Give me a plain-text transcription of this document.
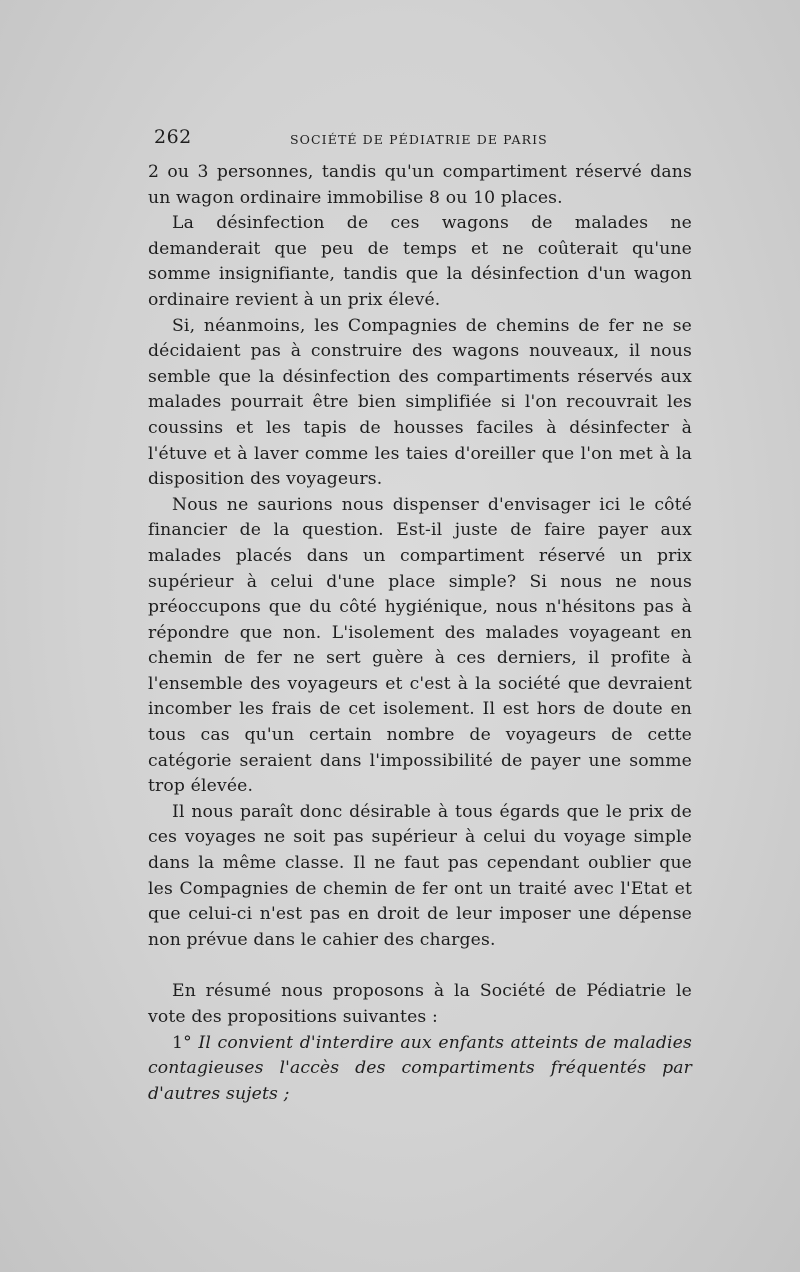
262	SOCIÉTÉ DE PÉDIATRIE DE PARIS

2 ou 3 personnes, tandis qu'un compartiment réservé dans un wagon ordinaire immobilise 8 ou 10 places.

La désinfection de ces wagons de malades ne demanderait que peu de temps et ne coûterait qu'une somme insignifiante, tandis que la désinfection d'un wagon ordinaire revient à un prix élevé.

Si, néanmoins, les Compagnies de chemins de fer ne se décidaient pas à construire des wagons nouveaux, il nous semble que la désinfection des compartiments réservés aux malades pourrait être bien simplifiée si l'on recouvrait les coussins et les tapis de housses faciles à désinfecter à l'étuve et à laver comme les taies d'oreiller que l'on met à la disposition des voyageurs.

Nous ne saurions nous dispenser d'envisager ici le côté financier de la question. Est-il juste de faire payer aux malades placés dans un compartiment réservé un prix supérieur à celui d'une place simple? Si nous ne nous préoccupons que du côté hygiénique, nous n'hésitons pas à répondre que non. L'isolement des malades voyageant en chemin de fer ne sert guère à ces derniers, il profite à l'ensemble des voyageurs et c'est à la société que devraient incomber les frais de cet isolement. Il est hors de doute en tous cas qu'un certain nombre de voyageurs de cette catégorie seraient dans l'impossibilité de payer une somme trop élevée.

Il nous paraît donc désirable à tous égards que le prix de ces voyages ne soit pas supérieur à celui du voyage simple dans la même classe. Il ne faut pas cependant oublier que les Compagnies de chemin de fer ont un traité avec l'Etat et que celui-ci n'est pas en droit de leur imposer une dépense non prévue dans le cahier des charges.

En résumé nous proposons à la Société de Pédiatrie le vote des propositions suivantes :

1° Il convient d'interdire aux enfants atteints de maladies contagieuses l'accès des compartiments fréquentés par d'autres sujets ;
